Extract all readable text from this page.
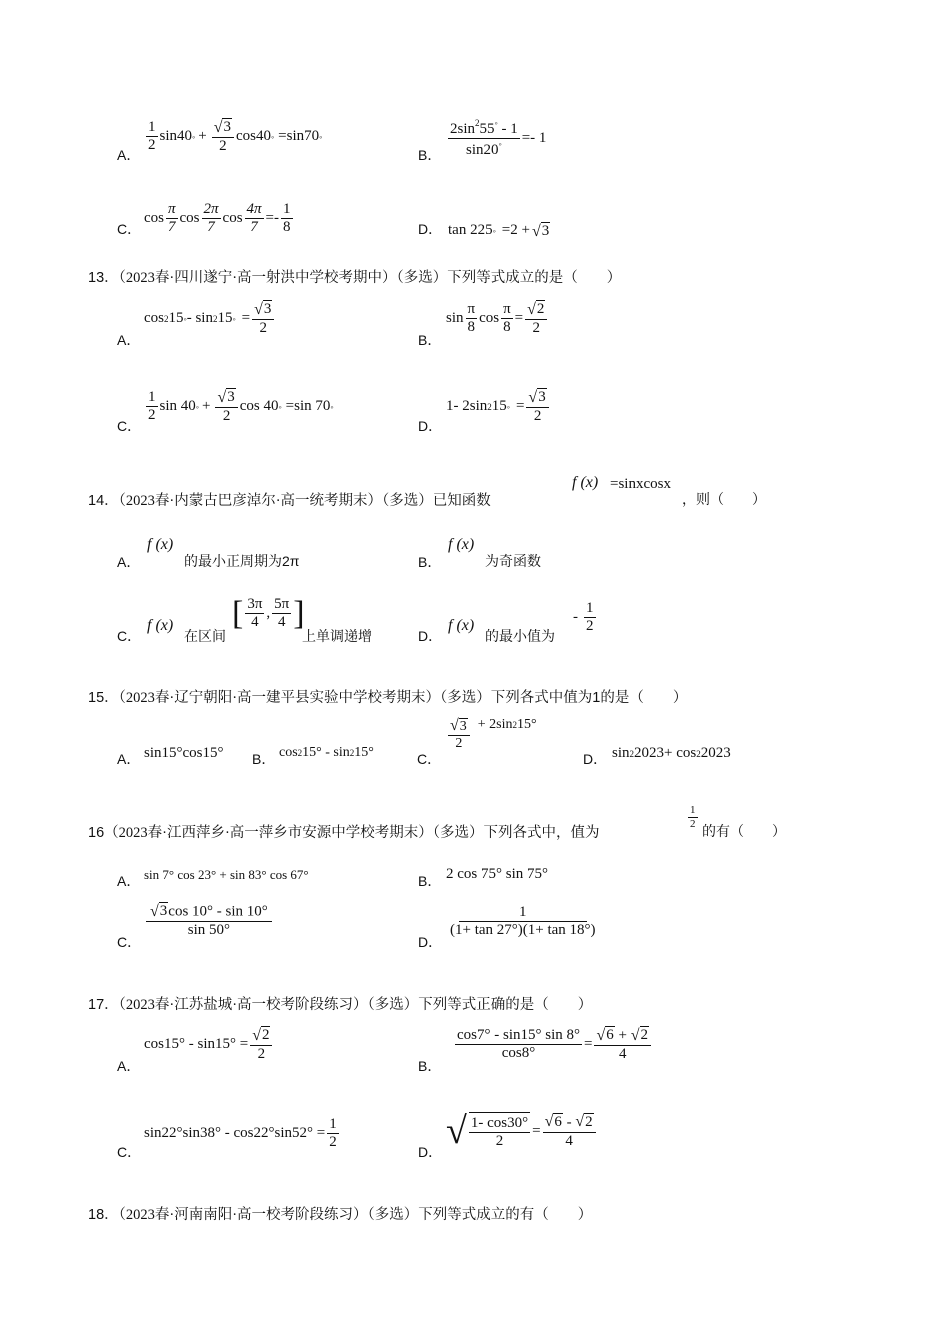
A．
$\frac{1}{2} \sin 40$ ◦ + $\frac{√ 3}{2} \cos 40$ ◦ =sin70 ◦
B． $\frac{2\sin^255^◦ - 1}{\sin 20^◦} =- 1$
C．
$\cos \frac{\pi}{7}$ $\cos \frac{2\pi}{7}$ $\cos \frac{4\pi}{7} =- \frac{1}{8}$	D． tan 225 ◦ =2 + √ 3
13．（2023春·四川遂宁·高一射洪中学校考期中）（多选）下列等式成立的是（　　）
A．
cos 2 15 ◦ - sin 2 15 ◦ = $\frac{√ 3}{2}$
B．
$\sin \frac{\pi}{8}$ $\cos \frac{\pi}{8} = \frac{√ 2}{2}$
C．
$\frac{1}{2}$ sin 40 ◦ + $\frac{√ 3}{2}$ cos 40 ◦ =sin 70 ◦
D．
1- 2sin 2 15 ◦ = $\frac{√ 3}{2}$
14．（2023春·内蒙古巴彦淖尔·高一统考期末）（多选）已知函数
f (x) =sinxcosx
，则（　　）
A．
f (x)
的最小正周期为2π	B．
f (x)
为奇函数
C．
f (x)
在区间
[ $\frac{3\pi}{4}$ , $\frac{5\pi}{4}$ ]
上单调递增	D．
f (x)
的最小值为
- $\frac{1}{2}$
15．（2023春·辽宁朝阳·高一建平县实验中学校考期末）（多选）下列各式中值为1的是（　　）
A． sin15°cos15° B． cos 2 15° - sin 2 15°	C．
$\frac{√ 3}{2} + 2\sin^2$ 15°
D． sin 2 2023+ cos 2 2023
16（2023春·江西萍乡·高一萍乡市安源中学校考期末）（多选）下列各式中，值为
$\frac{1}{2}$
的有（　　）
A． sin 7° cos 23° + sin 83° cos 67°	B． 2 cos 75° sin 75°
C．
$\frac{√ 3 \cos 10^\circ - \sin 10^\circ}{\sin 50^\circ}$
D．
$\frac{1}{(1+ \tan 27^\circ)(1+ \tan 18^\circ)}$
17．（2023春·江苏盐城·高一校考阶段练习）（多选）下列等式正确的是（　　）
A．
$\cos 15^\circ - \sin 15^\circ = \frac{√ 2}{2}$
B．
$\frac{\cos 7^\circ - \sin 15^\circ \sin 8^\circ}{\cos 8^\circ} = \frac{√ 6 + √ 2}{4}$
C．
$\sin 22^\circ\sin 38^\circ - \cos 22^\circ\sin 52^\circ = \frac{1}{2}$
D． √ $\frac{1- \cos 30^\circ}{2} = \frac{√ 6 - √ 2}{4}$
18．（2023春·河南南阳·高一校考阶段练习）（多选）下列等式成立的有（　　）
